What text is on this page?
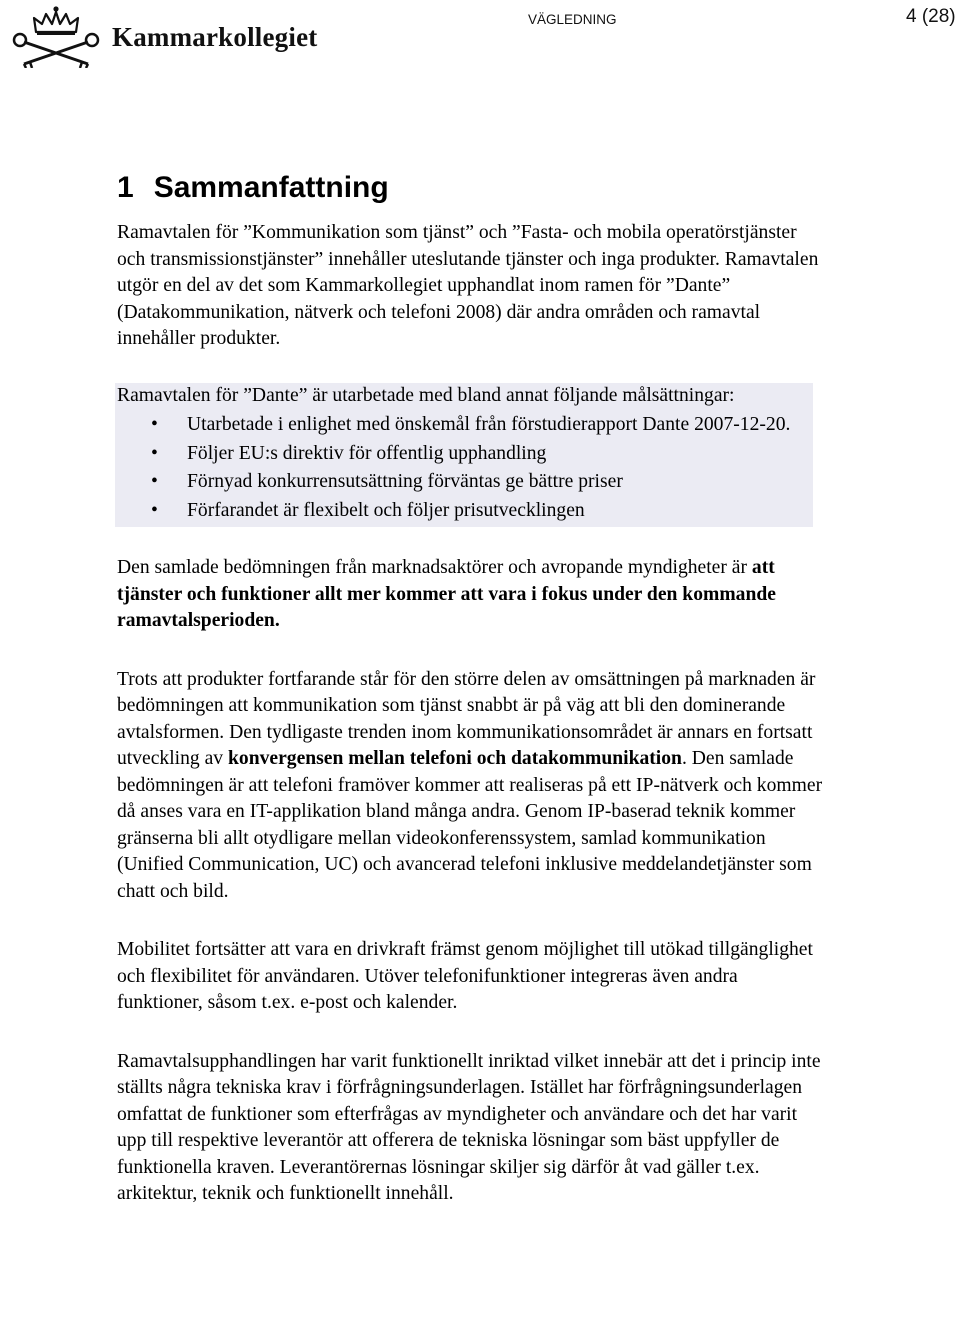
Kammarkollegiet
VÄGLEDNING	4 (28)
1 Sammanfattning

Ramavtalen för ”Kommunikation som tjänst” och ”Fasta- och mobila operatörstjänster och transmissionstjänster” innehåller uteslutande tjänster och inga produkter. Ramavtalen utgör en del av det som Kammarkollegiet upphandlat inom ramen för ”Dante” (Datakommunikation, nätverk och telefoni 2008) där andra områden och ramavtal innehåller produkter.

Ramavtalen för ”Dante” är utarbetade med bland annat följande målsättningar:

• Utarbetade i enlighet med önskemål från förstudierapport Dante 2007-12-20.
• Följer EU:s direktiv för offentlig upphandling
• Förnyad konkurrensutsättning förväntas ge bättre priser
• Förfarandet är flexibelt och följer prisutvecklingen

Den samlade bedömningen från marknadsaktörer och avropande myndigheter är att tjänster och funktioner allt mer kommer att vara i fokus under den kommande ramavtalsperioden.

Trots att produkter fortfarande står för den större delen av omsättningen på marknaden är bedömningen att kommunikation som tjänst snabbt är på väg att bli den dominerande avtalsformen. Den tydligaste trenden inom kommunikationsområdet är annars en fortsatt utveckling av konvergensen mellan telefoni och datakommunikation. Den samlade bedömningen är att telefoni framöver kommer att realiseras på ett IP-nätverk och kommer då anses vara en IT-applikation bland många andra. Genom IP-baserad teknik kommer gränserna bli allt otydligare mellan videokonferenssystem, samlad kommunikation (Unified Communication, UC) och avancerad telefoni inklusive meddelandetjänster som chatt och bild.

Mobilitet fortsätter att vara en drivkraft främst genom möjlighet till utökad tillgänglighet och flexibilitet för användaren. Utöver telefonifunktioner integreras även andra funktioner, såsom t.ex. e-post och kalender.

Ramavtalsupphandlingen har varit funktionellt inriktad vilket innebär att det i princip inte ställts några tekniska krav i förfrågningsunderlagen. Istället har förfrågningsunderlagen omfattat de funktioner som efterfrågas av myndigheter och användare och det har varit upp till respektive leverantör att offerera de tekniska lösningar som bäst uppfyller de funktionella kraven. Leverantörernas lösningar skiljer sig därför åt vad gäller t.ex. arkitektur, teknik och funktionellt innehåll.
